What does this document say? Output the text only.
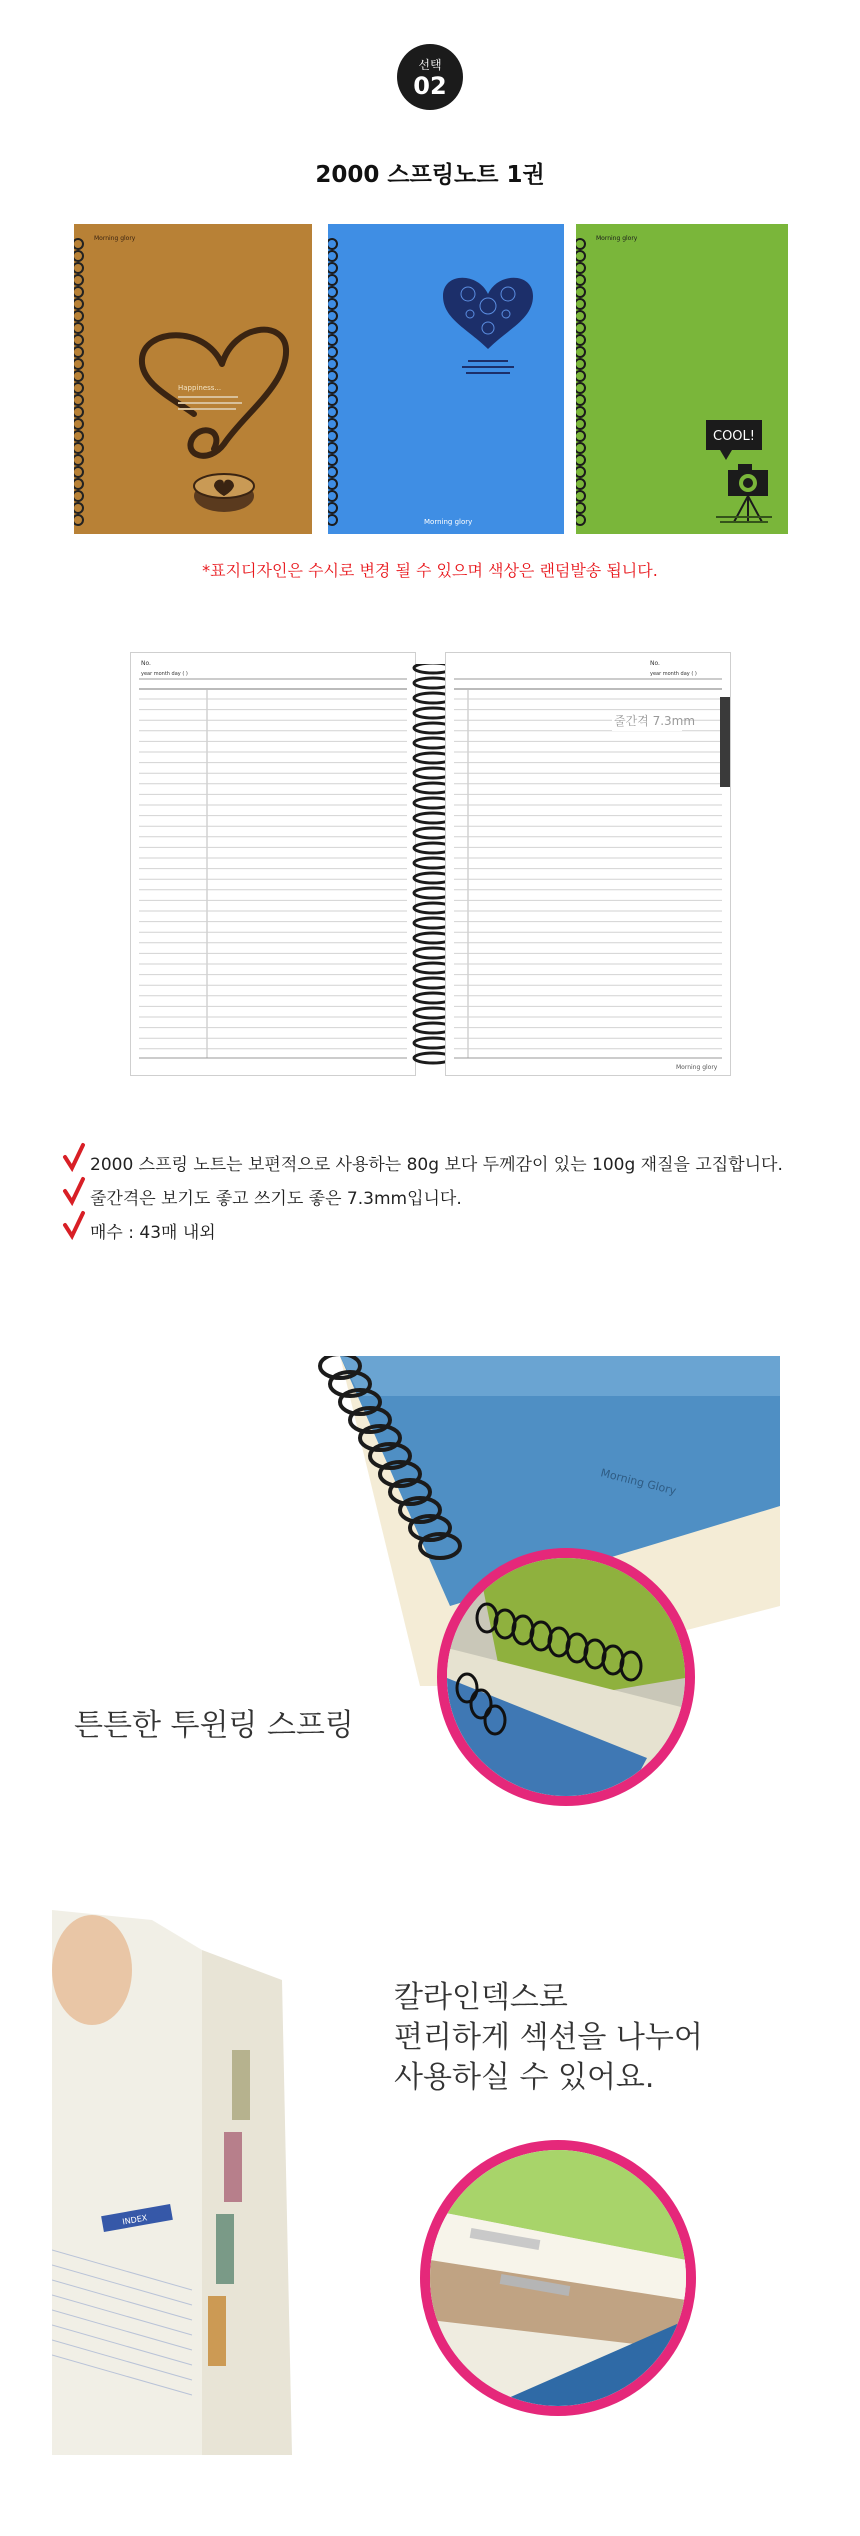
선택
02
2000 스프링노트 1권
Happiness...
Morning glory
Morning glory
Morning glory
COOL!
*표지디자인은 수시로 변경 될 수 있으며 색상은 랜덤발송 됩니다.
No.
year month day ( )
No.
year month day ( )
줄간격 7.3mm
Morning glory
2000 스프링 노트는 보편적으로 사용하는 80g 보다 두께감이 있는 100g 재질을 고집합니다.
줄간격은 보기도 좋고 쓰기도 좋은 7.3mm입니다.
매수 : 43매 내외
Morning Glory
튼튼한 투윈링 스프링
INDEX
칼라인덱스로
편리하게 섹션을 나누어
사용하실 수 있어요.
